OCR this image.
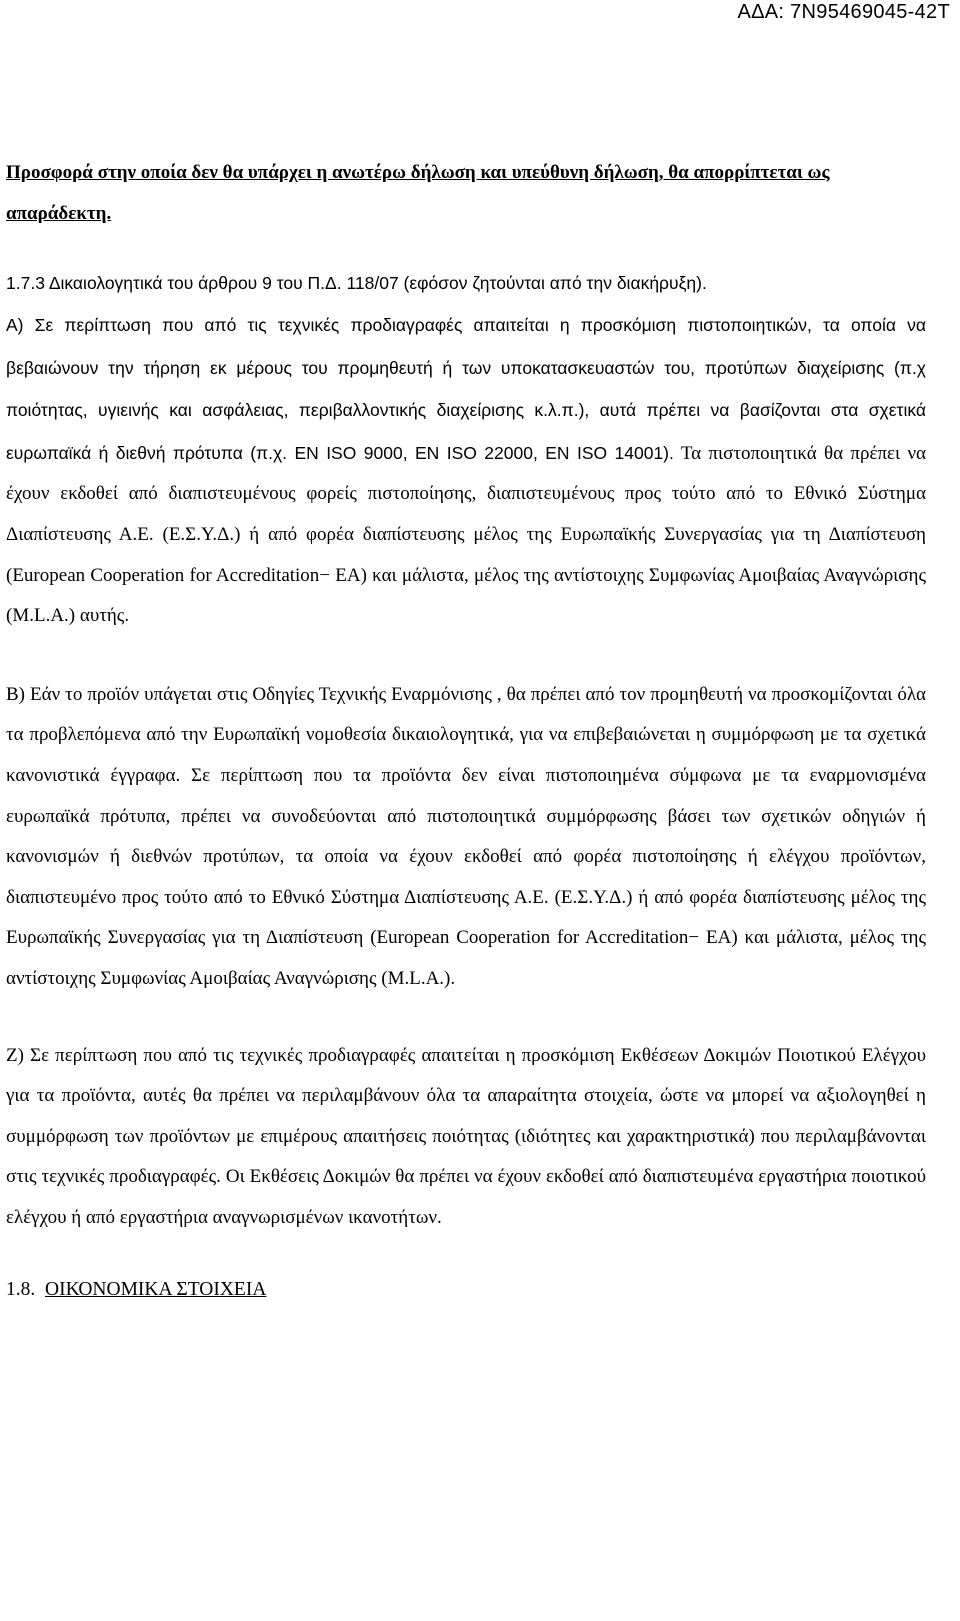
ΑΔΑ: 7Ν95469045-42Τ

Προσφορά στην οποία δεν θα υπάρχει η ανωτέρω δήλωση και υπεύθυνη δήλωση, θα απορρίπτεται ως απαράδεκτη.

1.7.3 Δικαιολογητικά του άρθρου 9 του Π.Δ. 118/07 (εφόσον ζητούνται από την διακήρυξη).

Α) Σε περίπτωση που από τις τεχνικές προδιαγραφές απαιτείται η προσκόμιση πιστοποιητικών, τα οποία να βεβαιώνουν την τήρηση εκ μέρους του προμηθευτή ή των υποκατασκευαστών του, προτύπων διαχείρισης (π.χ ποιότητας, υγιεινής και ασφάλειας, περιβαλλοντικής διαχείρισης κ.λ.π.), αυτά πρέπει να βασίζονται στα σχετικά ευρωπαϊκά ή διεθνή πρότυπα (π.χ. EN ISO 9000, EN ISO 22000, EN ISO 14001). Τα πιστοποιητικά θα πρέπει να έχουν εκδοθεί από διαπιστευμένους φορείς πιστοποίησης, διαπιστευμένους προς τούτο από το Εθνικό Σύστημα Διαπίστευσης Α.Ε. (Ε.Σ.Υ.Δ.) ή από φορέα διαπίστευσης μέλος της Ευρωπαϊκής Συνεργασίας για τη Διαπίστευση (European Cooperation for Accreditation− EA) και μάλιστα, μέλος της αντίστοιχης Συμφωνίας Αμοιβαίας Αναγνώρισης (M.L.A.) αυτής.

Β) Εάν το προϊόν υπάγεται στις Οδηγίες Τεχνικής Εναρμόνισης , θα πρέπει από τον προμηθευτή να προσκομίζονται όλα τα προβλεπόμενα από την Ευρωπαϊκή νομοθεσία δικαιολογητικά, για να επιβεβαιώνεται η συμμόρφωση με τα σχετικά κανονιστικά έγγραφα. Σε περίπτωση που τα προϊόντα δεν είναι πιστοποιημένα σύμφωνα με τα εναρμονισμένα ευρωπαϊκά πρότυπα, πρέπει να συνοδεύονται από πιστοποιητικά συμμόρφωσης βάσει των σχετικών οδηγιών ή κανονισμών ή διεθνών προτύπων, τα οποία να έχουν εκδοθεί από φορέα πιστοποίησης ή ελέγχου προϊόντων, διαπιστευμένο προς τούτο από το Εθνικό Σύστημα Διαπίστευσης Α.Ε. (Ε.Σ.Υ.Δ.) ή από φορέα διαπίστευσης μέλος της Ευρωπαϊκής Συνεργασίας για τη Διαπίστευση (European Cooperation for Accreditation− EA) και μάλιστα, μέλος της αντίστοιχης Συμφωνίας Αμοιβαίας Αναγνώρισης (M.L.A.).

Ζ) Σε περίπτωση που από τις τεχνικές προδιαγραφές απαιτείται η προσκόμιση Εκθέσεων Δοκιμών Ποιοτικού Ελέγχου για τα προϊόντα, αυτές θα πρέπει να περιλαμβάνουν όλα τα απαραίτητα στοιχεία, ώστε να μπορεί να αξιολογηθεί η συμμόρφωση των προϊόντων με επιμέρους απαιτήσεις ποιότητας (ιδιότητες και χαρακτηριστικά) που περιλαμβάνονται στις τεχνικές προδιαγραφές. Οι Εκθέσεις Δοκιμών θα πρέπει να έχουν εκδοθεί από διαπιστευμένα εργαστήρια ποιοτικού ελέγχου ή από εργαστήρια αναγνωρισμένων ικανοτήτων.

1.8. ΟΙΚΟΝΟΜΙΚΑ ΣΤΟΙΧΕΙΑ
